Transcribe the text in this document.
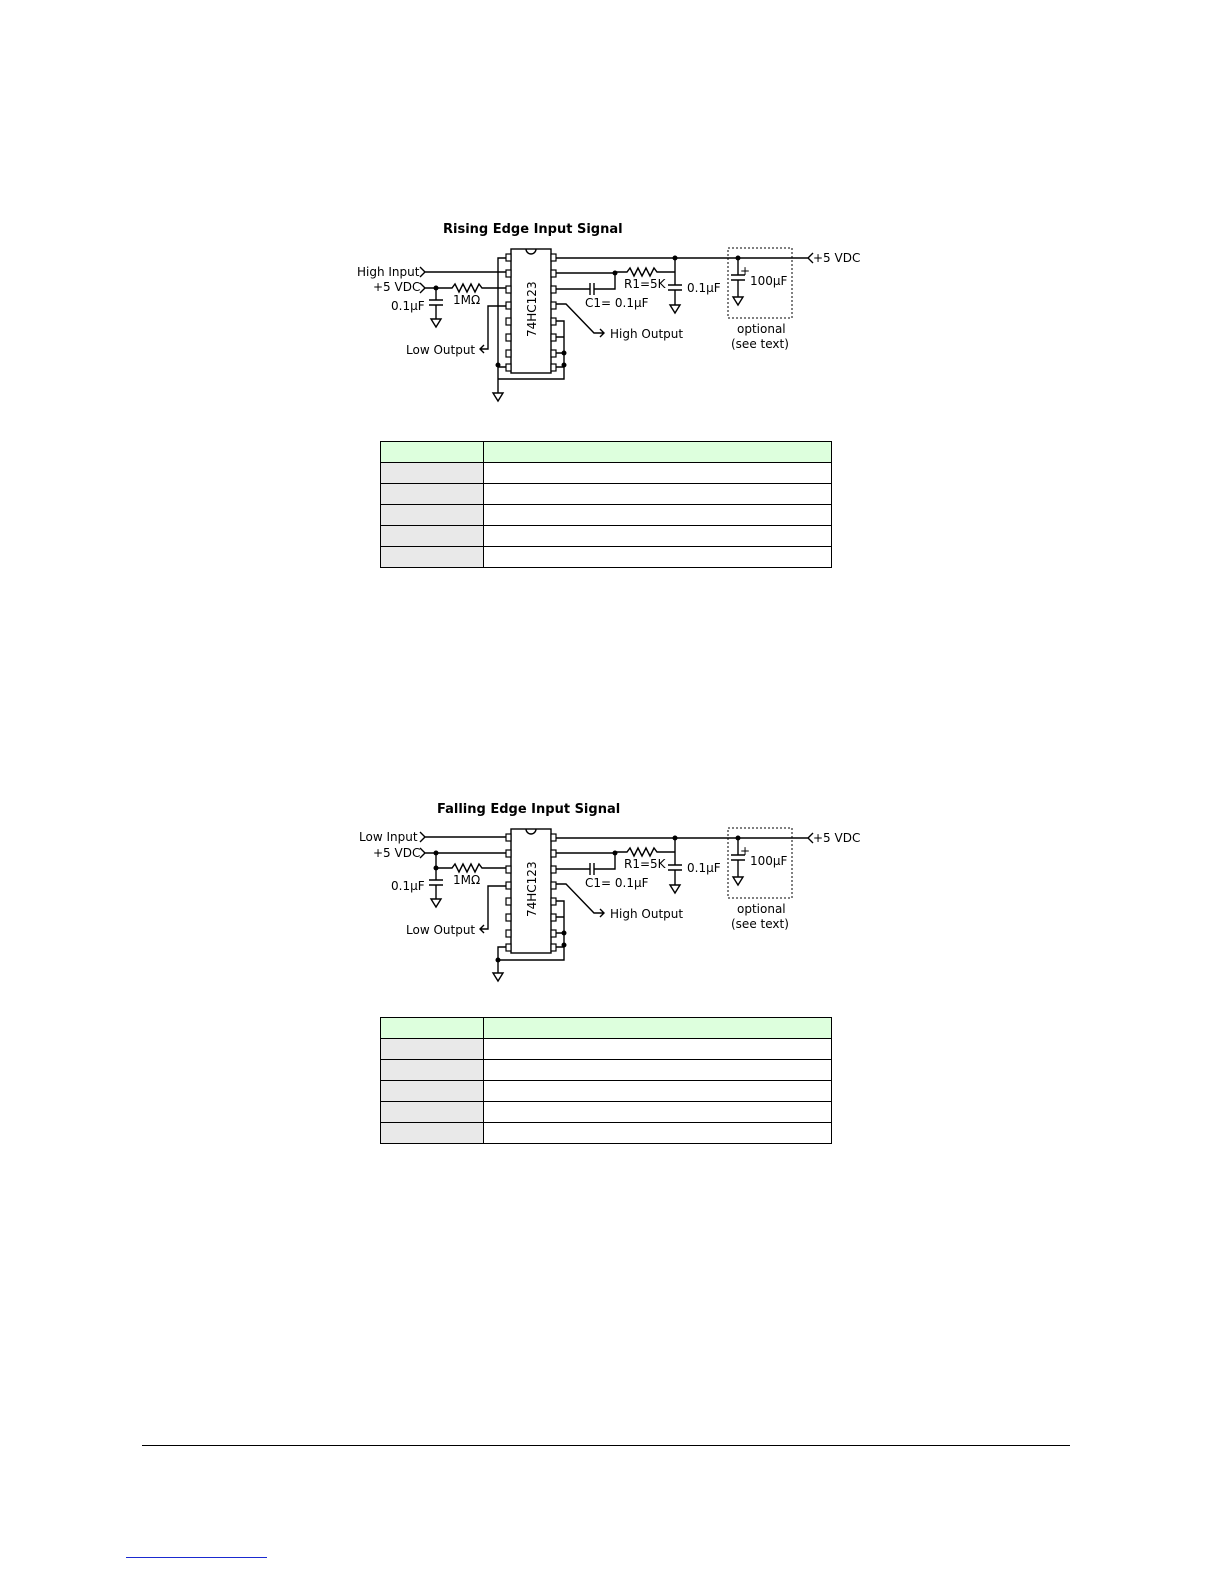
Rising Edge Input Signal
74HC123
High Input
+5 VDC
1MΩ
0.1µF
Low Output
+5 VDC
R1=5K
C1= 0.1µF
0.1µF
High Output
+
100µF
optional
(see text)

Falling Edge Input Signal
74HC123
Low Input
+5 VDC
1MΩ
0.1µF
Low Output
+5 VDC
R1=5K
C1= 0.1µF
0.1µF
High Output
+
100µF
optional
(see text)
